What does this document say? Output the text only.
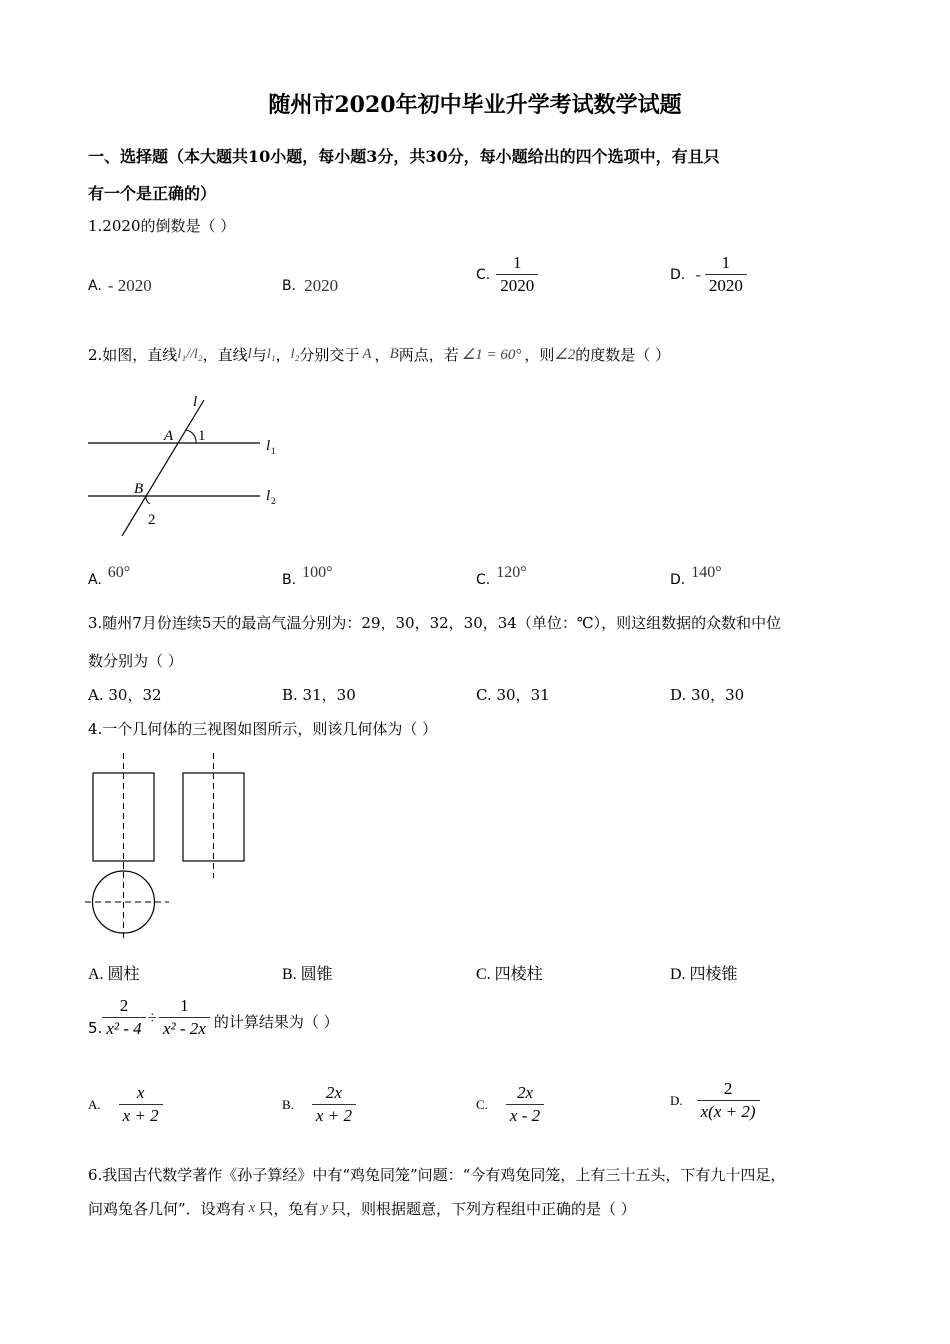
随州市2020年初中毕业升学考试数学试题
一、选择题（本大题共10小题，每小题3分，共30分，每小题给出的四个选项中，有且只
有一个是正确的）
1.2020的倒数是（ ）
A. - 2020	B. 2020
C. $\frac{1}{2020}$	D. - $\frac{1}{2020}$
2.如图，直线 l₁//l₂ ，直线 l 与 l₁ ， l₂ 分别交于 A ， B 两点，若 ∠1 = 60° ，则 ∠2 的度数是（ ）
l
A 1
l 1
B	l 2
2
A. 60°	B. 100°	C. 120°	D. 140°
3.随州7月份连续5天的最高气温分别为：29，30，32，30，34（单位：℃），则这组数据的众数和中位
数分别为（ ）
A. 30，32	B. 31，30	C. 30，31	D. 30，30
4.一个几何体的三视图如图所示，则该几何体为（ ）
A. 圆柱	B. 圆锥	C. 四棱柱	D. 四棱锥
5. $\frac{2}{\text{x² - 4}} \div \frac{1}{\text{x² - 2x}}$ 的计算结果为（ ）
A. $\frac{x}{x + 2}$	B. $\frac{2x}{x + 2}$	C. $\frac{2x}{x - 2}$	D. $\frac{2}{x(x + 2)}$
6.我国古代数学著作《孙子算经》中有“鸡兔同笼”问题：“今有鸡兔同笼，上有三十五头，下有九十四足，
问鸡兔各几何”．设鸡有 x 只，兔有 y 只，则根据题意，下列方程组中正确的是（ ）
